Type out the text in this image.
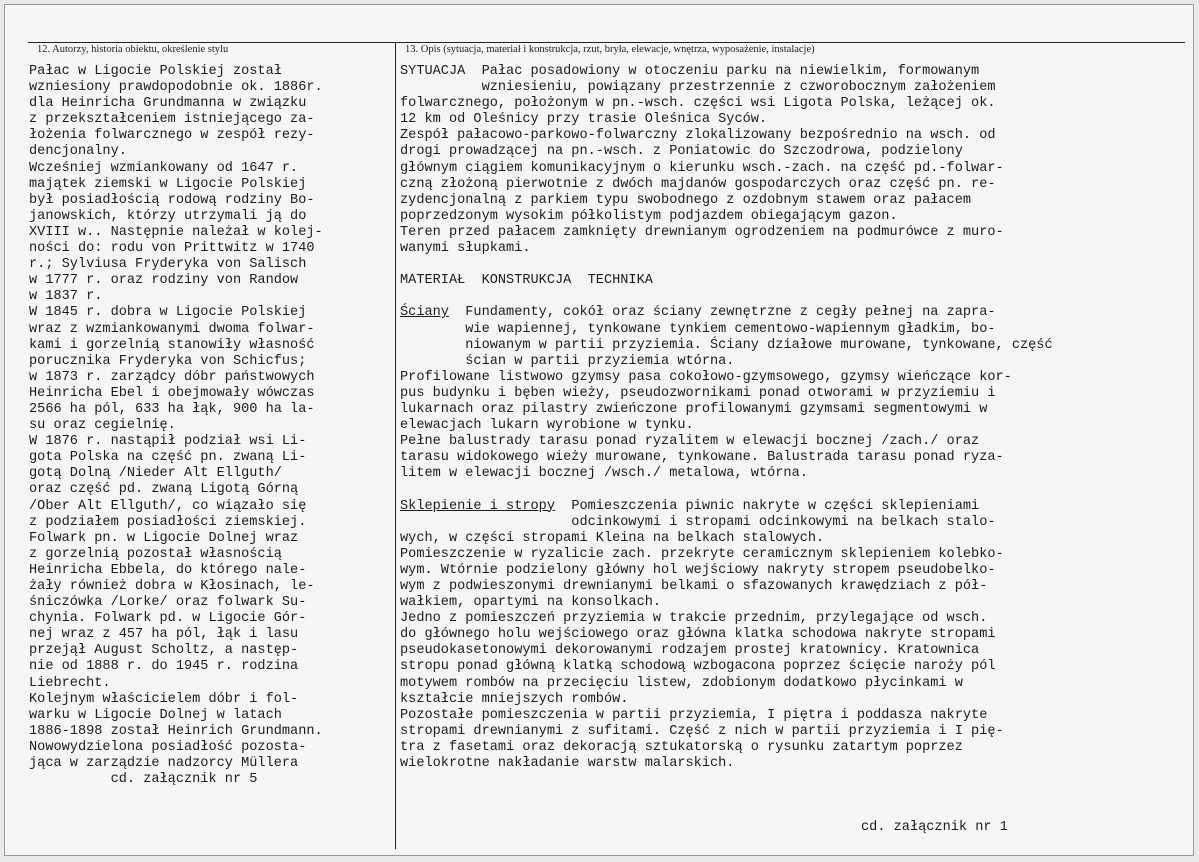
12. Autorzy, historia obiektu, określenie stylu	13. Opis (sytuacja, materiał i konstrukcja, rzut, bryła, elewacje, wnętrza, wyposażenie, instalacje)
Pałac w Ligocie Polskiej został
wzniesiony prawdopodobnie ok. 1886r.
dla Heinricha Grundmanna w związku
z przekształceniem istniejącego za-
łożenia folwarcznego w zespół rezy-
dencjonalny.
Wcześniej wzmiankowany od 1647 r.
majątek ziemski w Ligocie Polskiej
był posiadłością rodową rodziny Bo-
janowskich, którzy utrzymali ją do
XVIII w.. Następnie należał w kolej-
ności do: rodu von Prittwitz w 1740
r.; Sylviusa Fryderyka von Salisch
w 1777 r. oraz rodziny von Randow
w 1837 r.
W 1845 r. dobra w Ligocie Polskiej
wraz z wzmiankowanymi dwoma folwar-
kami i gorzelnią stanowiły własność
porucznika Fryderyka von Schicfus;
w 1873 r. zarządcy dóbr państwowych
Heinricha Ebel i obejmowały wówczas
2566 ha pól, 633 ha łąk, 900 ha la-
su oraz cegielnię.
W 1876 r. nastąpił podział wsi Li-
gota Polska na część pn. zwaną Li-
gotą Dolną /Nieder Alt Ellguth/
oraz część pd. zwaną Ligotą Górną
/Ober Alt Ellguth/, co wiązało się
z podziałem posiadłości ziemskiej.
Folwark pn. w Ligocie Dolnej wraz
z gorzelnią pozostał własnością
Heinricha Ebbela, do którego nale-
żały również dobra w Kłosinach, le-
śniczówka /Lorke/ oraz folwark Su-
chynia. Folwark pd. w Ligocie Gór-
nej wraz z 457 ha pól, łąk i lasu
przejął August Scholtz, a następ-
nie od 1888 r. do 1945 r. rodzina
Liebrecht.
Kolejnym właścicielem dóbr i fol-
warku w Ligocie Dolnej w latach
1886-1898 został Heinrich Grundmann.
Nowowydzielona posiadłość pozosta-
jąca w zarządzie nadzorcy Müllera
cd. załącznik nr 5
SYTUACJA  Pałac posadowiony w otoczeniu parku na niewielkim, formowanym
wzniesieniu, powiązany przestrzennie z czworobocznym założeniem
folwarcznego, położonym w pn.-wsch. części wsi Ligota Polska, leżącej ok.
12 km od Oleśnicy przy trasie Oleśnica Syców.
Zespół pałacowo-parkowo-folwarczny zlokalizowany bezpośrednio na wsch. od
drogi prowadzącej na pn.-wsch. z Poniatowic do Szczodrowa, podzielony
głównym ciągiem komunikacyjnym o kierunku wsch.-zach. na część pd.-folwar-
czną złożoną pierwotnie z dwóch majdanów gospodarczych oraz część pn. re-
zydencjonalną z parkiem typu swobodnego z ozdobnym stawem oraz pałacem
poprzedzonym wysokim półkolistym podjazdem obiegającym gazon.
Teren przed pałacem zamknięty drewnianym ogrodzeniem na podmurówce z muro-
wanymi słupkami.
MATERIAŁ  KONSTRUKCJA  TECHNIKA
Ściany  Fundamenty, cokół oraz ściany zewnętrzne z cegły pełnej na zapra-
wie wapiennej, tynkowane tynkiem cementowo-wapiennym gładkim, bo-
niowanym w partii przyziemia. Ściany działowe murowane, tynkowane, część
ścian w partii przyziemia wtórna.
Profilowane listwowo gzymsy pasa cokołowo-gzymsowego, gzymsy wieńczące kor-
pus budynku i bęben wieży, pseudozwornikami ponad otworami w przyziemiu i
lukarnach oraz pilastry zwieńczone profilowanymi gzymsami segmentowymi w
elewacjach lukarn wyrobione w tynku.
Pełne balustrady tarasu ponad ryzalitem w elewacji bocznej /zach./ oraz
tarasu widokowego wieży murowane, tynkowane. Balustrada tarasu ponad ryza-
litem w elewacji bocznej /wsch./ metalowa, wtórna.
Sklepienie i stropy  Pomieszczenia piwnic nakryte w części sklepieniami
odcinkowymi i stropami odcinkowymi na belkach stalo-
wych, w części stropami Kleina na belkach stalowych.
Pomieszczenie w ryzalicie zach. przekryte ceramicznym sklepieniem kolebko-
wym. Wtórnie podzielony główny hol wejściowy nakryty stropem pseudobelko-
wym z podwieszonymi drewnianymi belkami o sfazowanych krawędziach z pół-
wałkiem, opartymi na konsolkach.
Jedno z pomieszczeń przyziemia w trakcie przednim, przylegające od wsch.
do głównego holu wejściowego oraz główna klatka schodowa nakryte stropami
pseudokasetonowymi dekorowanymi rodzajem prostej kratownicy. Kratownica
stropu ponad główną klatką schodową wzbogacona poprzez ścięcie naroży pól
motywem rombów na przecięciu listew, zdobionym dodatkowo płycinkami w
kształcie mniejszych rombów.
Pozostałe pomieszczenia w partii przyziemia, I piętra i poddasza nakryte
stropami drewnianymi z sufitami. Część z nich w partii przyziemia i I pię-
tra z fasetami oraz dekoracją sztukatorską o rysunku zatartym poprzez
wielokrotne nakładanie warstw malarskich.
cd. załącznik nr 1
